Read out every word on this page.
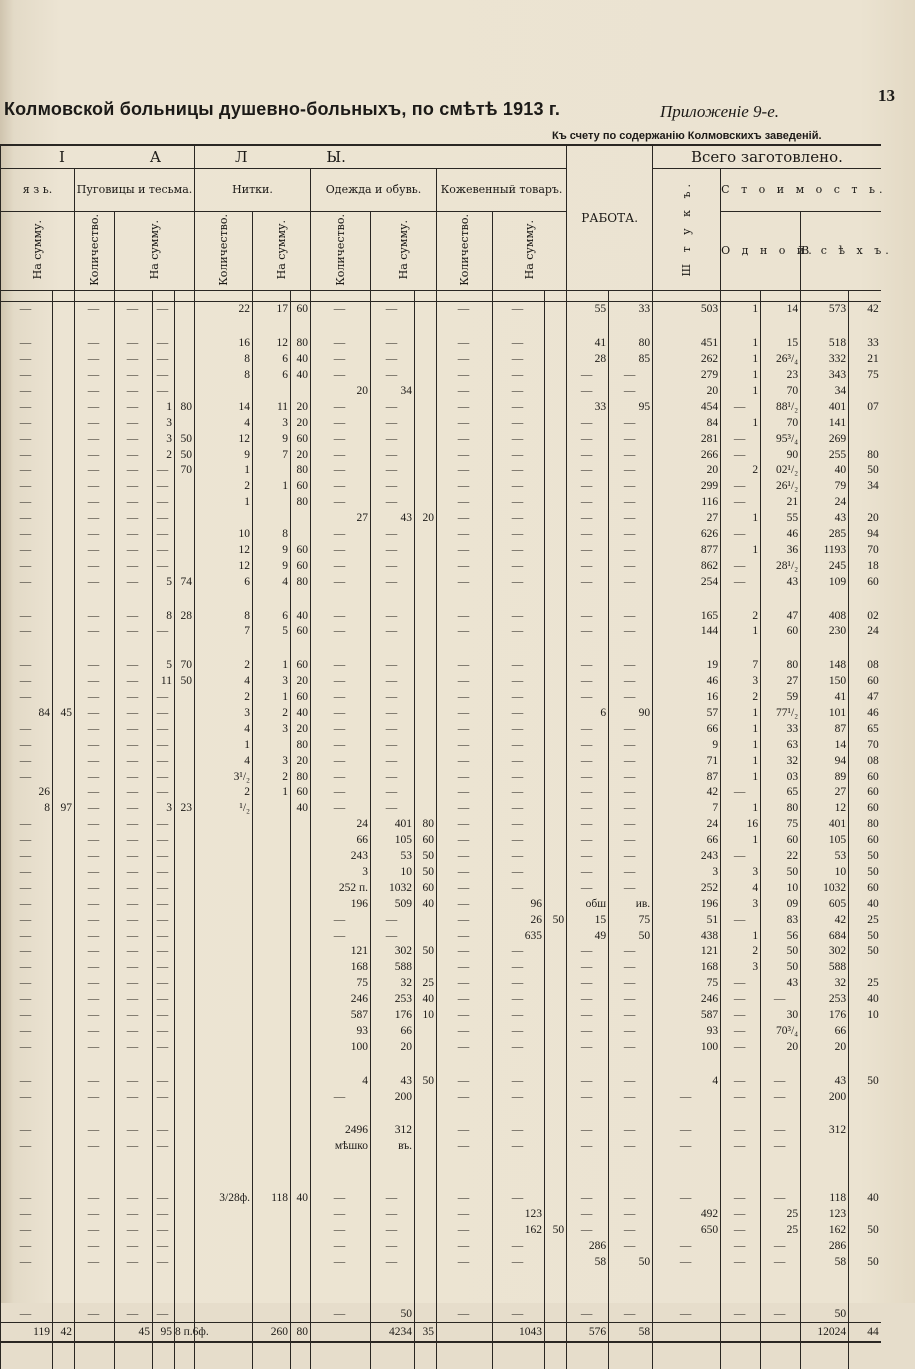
13
Колмовской больницы душевно-больныхъ, по смѣтѣ 1913 г.	Приложенiе 9-е.
Къ счету по содержанiю Колмовскихъ заведенiй.
I А						Л Ы.									РАБОТА.		Всего заготовлено.				
я з ь.		Пуговицы и тесьма.				Нитки.			Одежда и обувь.			Кожевенный товаръ.					Ш т у к ъ.	С т о и м о с т ь.			
На сумму.		Количество.	На сумму.			Количество.	На сумму.		Количество.	На сумму.		Количество.	На сумму.					О д н о й.		В с ѣ х ъ.	

—		—	—	—		22	17	60	—	—		—	—		55	33	503	1	14	573	42

—		—	—	—		16	12	80	—	—		—	—		41	80	451	1	15	518	33
—		—	—	—		8	6	40	—	—		—	—		28	85	262	1	26³/₄	332	21
—		—	—	—		8	6	40	—	—		—	—		—	—	279	1	23	343	75
—		—	—	—					20	34		—	—		—	—	20	1	70	34	
—		—	—	1	80	14	11	20	—	—		—	—		33	95	454	—	88¹/₂	401	07
—		—	—	3		4	3	20	—	—		—	—		—	—	84	1	70	141	
—		—	—	3	50	12	9	60	—	—		—	—		—	—	281	—	95³/₄	269	
—		—	—	2	50	9	7	20	—	—		—	—		—	—	266	—	90	255	80
—		—	—	—	70	1		80	—	—		—	—		—	—	20	2	02¹/₂	40	50
—		—	—	—		2	1	60	—	—		—	—		—	—	299	—	26¹/₂	79	34
—		—	—	—		1		80	—	—		—	—		—	—	116	—	21	24	
—		—	—	—					27	43	20	—	—		—	—	27	1	55	43	20
—		—	—	—		10	8		—	—		—	—		—	—	626	—	46	285	94
—		—	—	—		12	9	60	—	—		—	—		—	—	877	1	36	1193	70
—		—	—	—		12	9	60	—	—		—	—		—	—	862	—	28¹/₂	245	18
—		—	—	5	74	6	4	80	—	—		—	—		—	—	254	—	43	109	60

—		—	—	8	28	8	6	40	—	—		—	—		—	—	165	2	47	408	02
—		—	—	—		7	5	60	—	—		—	—		—	—	144	1	60	230	24

—		—	—	5	70	2	1	60	—	—		—	—		—	—	19	7	80	148	08
—		—	—	11	50	4	3	20	—	—		—	—		—	—	46	3	27	150	60
—		—	—	—		2	1	60	—	—		—	—		—	—	16	2	59	41	47
84	45	—	—	—		3	2	40	—	—		—	—		6	90	57	1	77¹/₂	101	46
—		—	—	—		4	3	20	—	—		—	—		—	—	66	1	33	87	65
—		—	—	—		1		80	—	—		—	—		—	—	9	1	63	14	70
—		—	—	—		4	3	20	—	—		—	—		—	—	71	1	32	94	08
—		—	—	—		3¹/₂	2	80	—	—		—	—		—	—	87	1	03	89	60
26		—	—	—		2	1	60	—	—		—	—		—	—	42	—	65	27	60
8	97	—	—	3	23	¹/₂		40	—	—		—	—		—	—	7	1	80	12	60
—		—	—	—					24	401	80	—	—		—	—	24	16	75	401	80
—		—	—	—					66	105	60	—	—		—	—	66	1	60	105	60
—		—	—	—					243	53	50	—	—		—	—	243	—	22	53	50
—		—	—	—					3	10	50	—	—		—	—	3	3	50	10	50
—		—	—	—					252 п.	1032	60	—	—		—	—	252	4	10	1032	60
—		—	—	—					196	509	40	—	96		обш	ив.	196	3	09	605	40
—		—	—	—					—	—		—	26	50	15	75	51	—	83	42	25
—		—	—	—					—	—		—	635		49	50	438	1	56	684	50
—		—	—	—					121	302	50	—	—		—	—	121	2	50	302	50
—		—	—	—					168	588		—	—		—	—	168	3	50	588	
—		—	—	—					75	32	25	—	—		—	—	75	—	43	32	25
—		—	—	—					246	253	40	—	—		—	—	246	—	—	253	40
—		—	—	—					587	176	10	—	—		—	—	587	—	30	176	10
—		—	—	—					93	66		—	—		—	—	93	—	70³/₄	66	
—		—	—	—					100	20		—	—		—	—	100	—	20	20	

—		—	—	—					4	43	50	—	—		—	—	4	—	—	43	50
—		—	—	—					—	200		—	—		—	—	—	—	—	200	

—		—	—	—					2496	312		—	—		—	—	—	—	—	312	
—		—	—	—					мѣшко	въ.		—	—		—	—	—	—	—		

—		—	—	—		3/28ф.	118	40	—	—		—	—		—	—	—	—	—	118	40
—		—	—	—					—	—		—	123		—	—	492	—	25	123	
—		—	—	—					—	—		—	162	50	—	—	650	—	25	162	50
—		—	—	—					—	—		—	—		286	—	—	—	—	286	
—		—	—	—					—	—		—	—		58	50	—	—	—	58	50

—		—	—	—					—	50		—	—		—	—	—	—	—	50	
119	42		45	95	8 п.6ф.		260	80		4234	35		1043		576	58				12024	44
